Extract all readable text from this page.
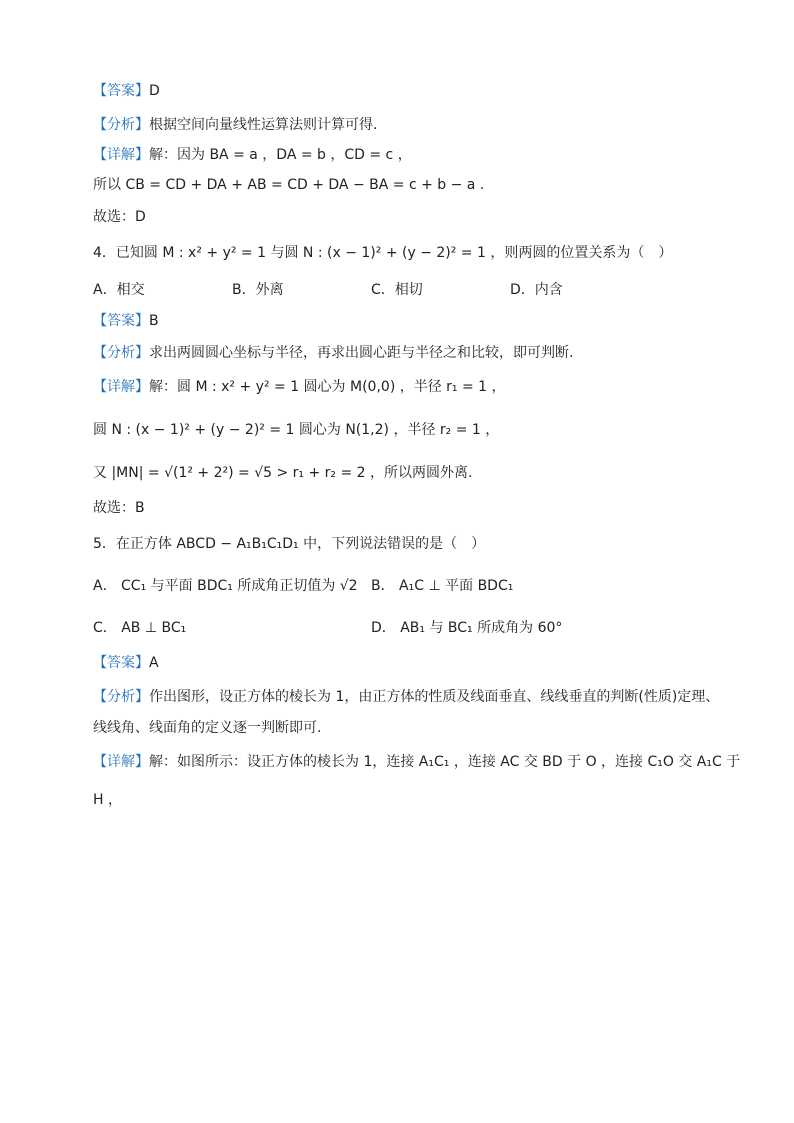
【答案】D
【分析】根据空间向量线性运算法则计算可得.
【详解】解：因为 BA = a ，DA = b ，CD = c ，
所以 CB = CD + DA + AB = CD + DA − BA = c + b − a .
故选：D
4．已知圆 M : x² + y² = 1 与圆 N : (x − 1)² + (y − 2)² = 1 ，则两圆的位置关系为（　）
A．相交	B．外离	C．相切	D．内含
【答案】B
【分析】求出两圆圆心坐标与半径，再求出圆心距与半径之和比较，即可判断.
【详解】解：圆 M : x² + y² = 1 圆心为 M(0,0) ，半径 r₁ = 1 ，
圆 N : (x − 1)² + (y − 2)² = 1 圆心为 N(1,2) ，半径 r₂ = 1 ，
又 |MN| = √(1² + 2²) = √5 > r₁ + r₂ = 2 ，所以两圆外离.
故选：B
5．在正方体 ABCD − A₁B₁C₁D₁ 中，下列说法错误的是（　）
A． CC₁ 与平面 BDC₁ 所成角正切值为 √2 B． A₁C ⊥ 平面 BDC₁
C． AB ⊥ BC₁	D． AB₁ 与 BC₁ 所成角为 60°
【答案】A
【分析】作出图形，设正方体的棱长为 1，由正方体的性质及线面垂直、线线垂直的判断(性质)定理、
线线角、线面角的定义逐一判断即可.
【详解】解：如图所示：设正方体的棱长为 1，连接 A₁C₁ ，连接 AC 交 BD 于 O ，连接 C₁O 交 A₁C 于
H ，
